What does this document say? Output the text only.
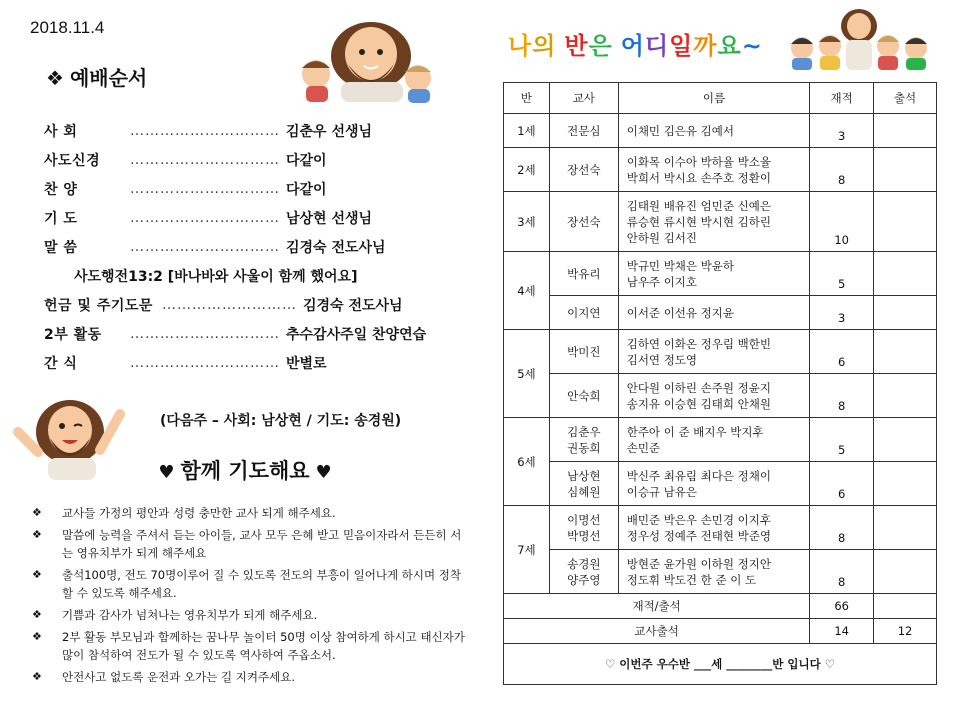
2018.11.4
❖ 예배순서
사 회	………………………… 김춘우 선생님
사도신경	………………………… 다같이
찬 양	………………………… 다같이
기 도	………………………… 남상현 선생님
말 씀	………………………… 김경숙 전도사님
사도행전13:2 [바나바와 사울이 함께 했어요]
헌금 및 주기도문 ……………………… 김경숙 전도사님
2부 활동	………………………… 추수감사주일 찬양연습
간 식	………………………… 반별로
(다음주 – 사회: 남상현 / 기도: 송경원)
♥ 함께 기도해요 ♥
❖	교사들 가정의 평안과 성령 충만한 교사 되게 해주세요.
❖	말씀에 능력을 주셔서 듣는 아이들, 교사 모두 은혜 받고 믿음이자라서 든든히 서는 영유치부가 되게 해주세요
❖	출석100명, 전도 70명이루어 질 수 있도록 전도의 부흥이 일어나게 하시며 정착할 수 있도록 해주세요.
❖	기쁨과 감사가 넘쳐나는 영유치부가 되게 해주세요.
❖	2부 활동 부모님과 함께하는 꿈나무 놀이터 50명 이상 참여하게 하시고 태신자가 많이 참석하여 전도가 될 수 있도록 역사하여 주옵소서.
❖	안전사고 없도록 운전과 오가는 길 지켜주세요.
나의 반은 어디일까요~
반	교사	이름	재적	출석
1세	전문심	이채민 김은유 김예서	3	
2세	장선숙	이화목 이수아 박하율 박소율
박희서 박시요 손주호 정환이	8	
3세	장선숙	김태원 배유진 엄민준 신예은
류승현 류시현 박시현 김하린
안하원 김서진	10	
4세	박유리	박규민 박채은 박윤하
남우주 이지호	5	
	이지연	이서준 이선유 정지윤	3	
5세	박미진	김하연 이화온 정우림 백한빈
김서연 정도영	6	
	안숙희	안다원 이하린 손주원 정윤지
송지유 이승현 김태희 안채원	8	
6세	김춘우
권동희	한주아 이 준 배지우 박지후
손민준	5	
	남상현
심혜원	박신주 최유림 최다은 정채이
이승규 남유은	6	
7세	이명선
박명선	배민준 박은우 손민경 이지후
정우성 정예주 전태현 박준영	8	
	송경원
양주영	방현준 윤가원 이하원 정지안
정도휘 박도건 한 준 이 도	8	
재적/출석			66	
교사출석			14	12
♡ 이번주 우수반 ___세 ________반 입니다 ♡				
